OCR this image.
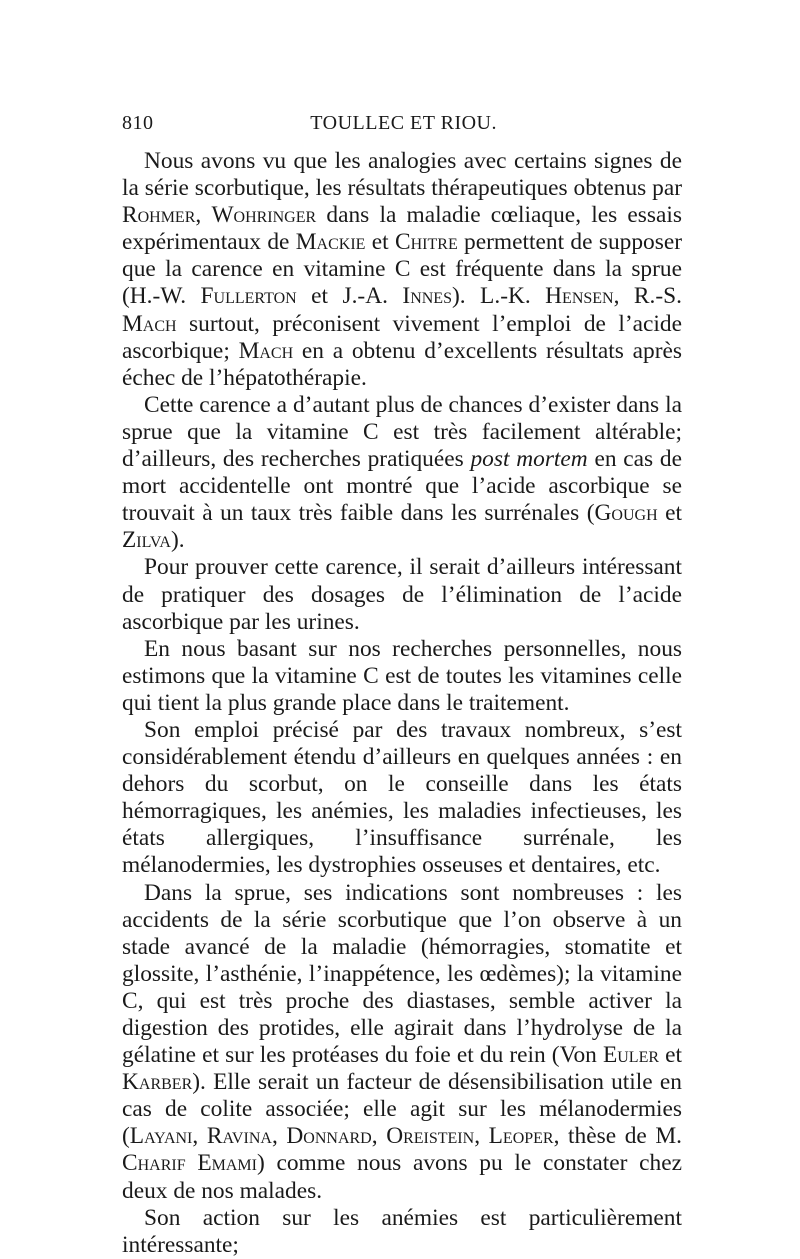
810	TOULLEC ET RIOU.

Nous avons vu que les analogies avec certains signes de la série scorbutique, les résultats thérapeutiques obtenus par Rohmer, Wohringer dans la maladie cœliaque, les essais expérimentaux de Mackie et Chitre permettent de supposer que la carence en vitamine C est fréquente dans la sprue (H.-W. Fullerton et J.-A. Innes). L.-K. Hensen, R.-S. Mach surtout, préconisent vivement l’emploi de l’acide ascorbique; Mach en a obtenu d’excellents résultats après échec de l’hépatothérapie.

Cette carence a d’autant plus de chances d’exister dans la sprue que la vitamine C est très facilement altérable; d’ailleurs, des recherches pratiquées post mortem en cas de mort accidentelle ont montré que l’acide ascorbique se trouvait à un taux très faible dans les surrénales (Gough et Zilva).

Pour prouver cette carence, il serait d’ailleurs intéressant de pratiquer des dosages de l’élimination de l’acide ascorbique par les urines.

En nous basant sur nos recherches personnelles, nous estimons que la vitamine C est de toutes les vitamines celle qui tient la plus grande place dans le traitement.

Son emploi précisé par des travaux nombreux, s’est considérablement étendu d’ailleurs en quelques années : en dehors du scorbut, on le conseille dans les états hémorragiques, les anémies, les maladies infectieuses, les états allergiques, l’insuffisance surrénale, les mélanodermies, les dystrophies osseuses et dentaires, etc.

Dans la sprue, ses indications sont nombreuses : les accidents de la série scorbutique que l’on observe à un stade avancé de la maladie (hémorragies, stomatite et glossite, l’asthénie, l’inappétence, les œdèmes); la vitamine C, qui est très proche des diastases, semble activer la digestion des protides, elle agirait dans l’hydrolyse de la gélatine et sur les protéases du foie et du rein (Von Euler et Karber). Elle serait un facteur de désensibilisation utile en cas de colite associée; elle agit sur les mélanodermies (Layani, Ravina, Donnard, Oreistein, Leoper, thèse de M. Charif Emami) comme nous avons pu le constater chez deux de nos malades.

Son action sur les anémies est particulièrement intéressante;
